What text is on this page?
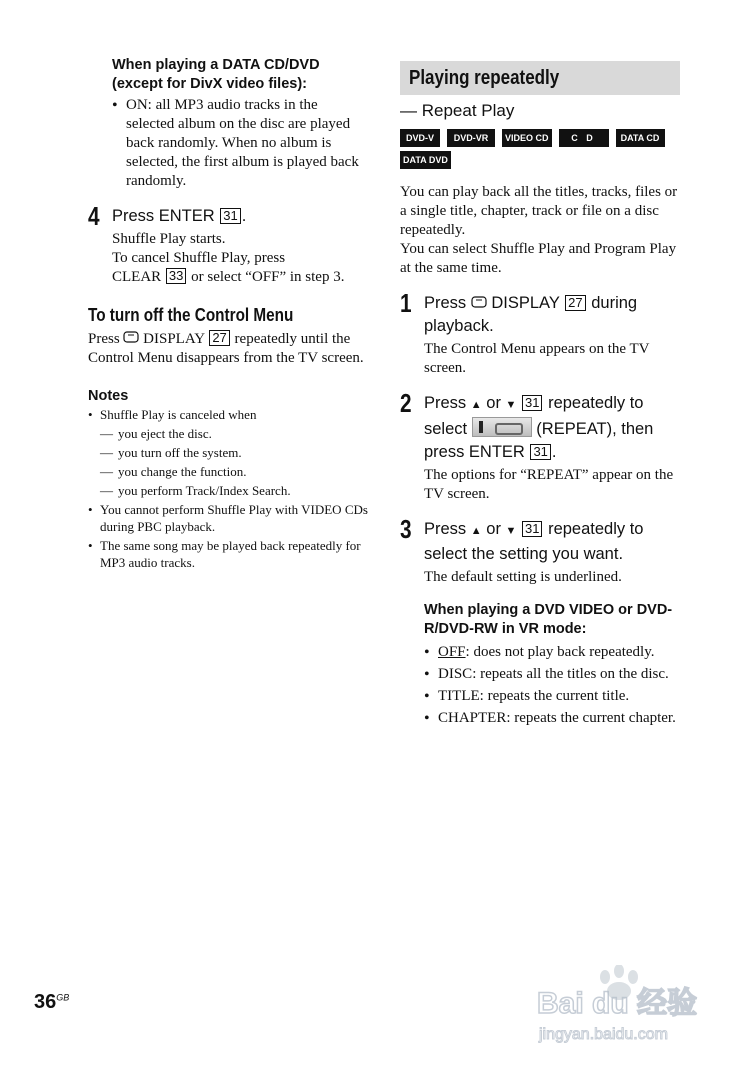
When playing a DATA CD/DVD (except for DivX video files):
• ON: all MP3 audio tracks in the selected album on the disc are played back randomly. When no album is selected, the first album is played back randomly.
4 Press ENTER 31 .
Shuffle Play starts.
To cancel Shuffle Play, press
CLEAR 33 or select “OFF” in step 3.
To turn off the Control Menu
Press DISPLAY 27 repeatedly until the Control Menu disappears from the TV screen.
Notes
• Shuffle Play is canceled when
— you eject the disc.
— you turn off the system.
— you change the function.
— you perform Track/Index Search.
• You cannot perform Shuffle Play with VIDEO CDs during PBC playback.
• The same song may be played back repeatedly for MP3 audio tracks.
Playing repeatedly
— Repeat Play
DVD-V DVD-VR VIDEO CD	C D	DATA CDDATA DVD
You can play back all the titles, tracks, files or a single title, chapter, track or file on a disc repeatedly.
You can select Shuffle Play and Program Play at the same time.
1 Press DISPLAY 27 during playback.
The Control Menu appears on the TV screen.
2 Press ▲ or ▼ 31 repeatedly to
select	(REPEAT), then
press ENTER 31 .
The options for “REPEAT” appear on the TV screen.
3 Press ▲ or ▼ 31 repeatedly to select the setting you want.
The default setting is underlined.
When playing a DVD VIDEO or DVD-R/DVD-RW in VR mode:
• OFF: does not play back repeatedly.
• DISC: repeats all the titles on the disc.
• TITLE: repeats the current title.
• CHAPTER: repeats the current chapter.
$36^{GB}$	Bai du 经验
jingyan.baidu.com
